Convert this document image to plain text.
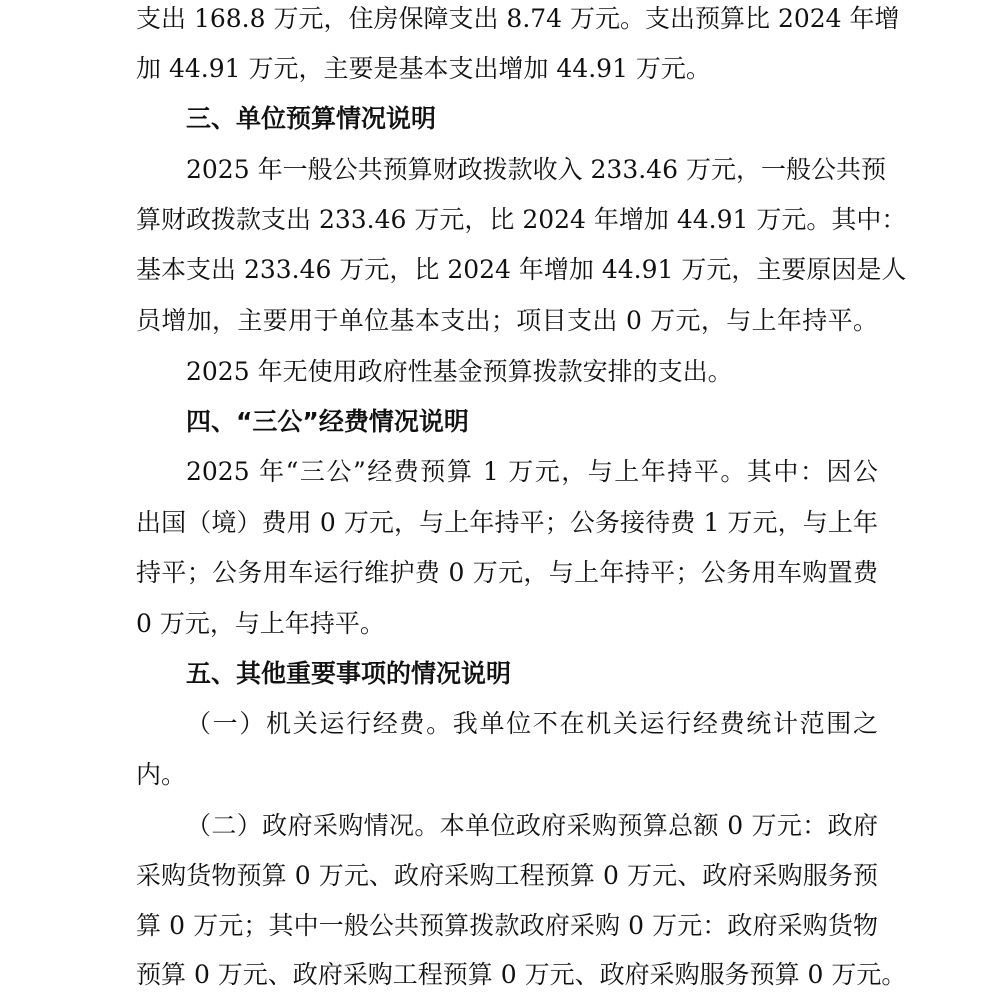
支出 168.8 万元，住房保障支出 8.74 万元。支出预算比 2024 年增
加 44.91 万元，主要是基本支出增加 44.91 万元。
三、单位预算情况说明
2025 年一般公共预算财政拨款收入 233.46 万元，一般公共预
算财政拨款支出 233.46 万元，比 2024 年增加 44.91 万元。其中：
基本支出 233.46 万元，比 2024 年增加 44.91 万元，主要原因是人
员增加，主要用于单位基本支出；项目支出 0 万元，与上年持平。
2025 年无使用政府性基金预算拨款安排的支出。
四、“三公”经费情况说明
2025 年“三公”经费预算 1 万元，与上年持平。其中：因公
出国（境）费用 0 万元，与上年持平；公务接待费 1 万元，与上年
持平；公务用车运行维护费 0 万元，与上年持平；公务用车购置费
0 万元，与上年持平。
五、其他重要事项的情况说明
（一）机关运行经费。我单位不在机关运行经费统计范围之
内。
（二）政府采购情况。本单位政府采购预算总额 0 万元：政府
采购货物预算 0 万元、政府采购工程预算 0 万元、政府采购服务预
算 0 万元；其中一般公共预算拨款政府采购 0 万元：政府采购货物
预算 0 万元、政府采购工程预算 0 万元、政府采购服务预算 0 万元。
